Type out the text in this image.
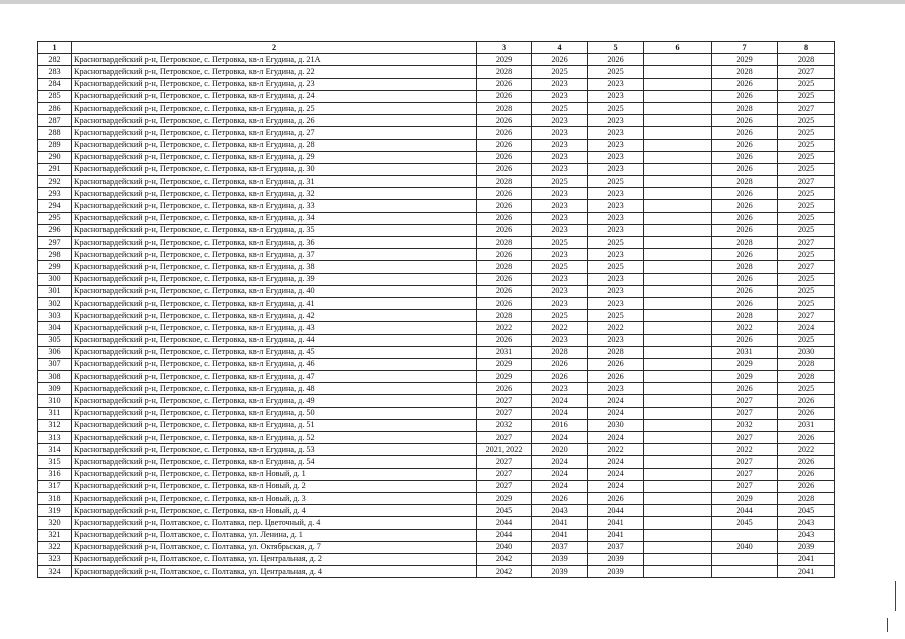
1	2	3	4	5	6	7	8
282	Красногвардейский р-н, Петровское, с. Петровка, кв-л Егудина, д. 21А	2029	2026	2026		2029	2028
283	Красногвардейский р-н, Петровское, с. Петровка, кв-л Егудина, д. 22	2028	2025	2025		2028	2027
284	Красногвардейский р-н, Петровское, с. Петровка, кв-л Егудина, д. 23	2026	2023	2023		2026	2025
285	Красногвардейский р-н, Петровское, с. Петровка, кв-л Егудина, д. 24	2026	2023	2023		2026	2025
286	Красногвардейский р-н, Петровское, с. Петровка, кв-л Егудина, д. 25	2028	2025	2025		2028	2027
287	Красногвардейский р-н, Петровское, с. Петровка, кв-л Егудина, д. 26	2026	2023	2023		2026	2025
288	Красногвардейский р-н, Петровское, с. Петровка, кв-л Егудина, д. 27	2026	2023	2023		2026	2025
289	Красногвардейский р-н, Петровское, с. Петровка, кв-л Егудина, д. 28	2026	2023	2023		2026	2025
290	Красногвардейский р-н, Петровское, с. Петровка, кв-л Егудина, д. 29	2026	2023	2023		2026	2025
291	Красногвардейский р-н, Петровское, с. Петровка, кв-л Егудина, д. 30	2026	2023	2023		2026	2025
292	Красногвардейский р-н, Петровское, с. Петровка, кв-л Егудина, д. 31	2028	2025	2025		2028	2027
293	Красногвардейский р-н, Петровское, с. Петровка, кв-л Егудина, д. 32	2026	2023	2023		2026	2025
294	Красногвардейский р-н, Петровское, с. Петровка, кв-л Егудина, д. 33	2026	2023	2023		2026	2025
295	Красногвардейский р-н, Петровское, с. Петровка, кв-л Егудина, д. 34	2026	2023	2023		2026	2025
296	Красногвардейский р-н, Петровское, с. Петровка, кв-л Егудина, д. 35	2026	2023	2023		2026	2025
297	Красногвардейский р-н, Петровское, с. Петровка, кв-л Егудина, д. 36	2028	2025	2025		2028	2027
298	Красногвардейский р-н, Петровское, с. Петровка, кв-л Егудина, д. 37	2026	2023	2023		2026	2025
299	Красногвардейский р-н, Петровское, с. Петровка, кв-л Егудина, д. 38	2028	2025	2025		2028	2027
300	Красногвардейский р-н, Петровское, с. Петровка, кв-л Егудина, д. 39	2026	2023	2023		2026	2025
301	Красногвардейский р-н, Петровское, с. Петровка, кв-л Егудина, д. 40	2026	2023	2023		2026	2025
302	Красногвардейский р-н, Петровское, с. Петровка, кв-л Егудина, д. 41	2026	2023	2023		2026	2025
303	Красногвардейский р-н, Петровское, с. Петровка, кв-л Егудина, д. 42	2028	2025	2025		2028	2027
304	Красногвардейский р-н, Петровское, с. Петровка, кв-л Егудина, д. 43	2022	2022	2022		2022	2024
305	Красногвардейский р-н, Петровское, с. Петровка, кв-л Егудина, д. 44	2026	2023	2023		2026	2025
306	Красногвардейский р-н, Петровское, с. Петровка, кв-л Егудина, д. 45	2031	2028	2028		2031	2030
307	Красногвардейский р-н, Петровское, с. Петровка, кв-л Егудина, д. 46	2029	2026	2026		2029	2028
308	Красногвардейский р-н, Петровское, с. Петровка, кв-л Егудина, д. 47	2029	2026	2026		2029	2028
309	Красногвардейский р-н, Петровское, с. Петровка, кв-л Егудина, д. 48	2026	2023	2023		2026	2025
310	Красногвардейский р-н, Петровское, с. Петровка, кв-л Егудина, д. 49	2027	2024	2024		2027	2026
311	Красногвардейский р-н, Петровское, с. Петровка, кв-л Егудина, д. 50	2027	2024	2024		2027	2026
312	Красногвардейский р-н, Петровское, с. Петровка, кв-л Егудина, д. 51	2032	2016	2030		2032	2031
313	Красногвардейский р-н, Петровское, с. Петровка, кв-л Егудина, д. 52	2027	2024	2024		2027	2026
314	Красногвардейский р-н, Петровское, с. Петровка, кв-л Егудина, д. 53	2021, 2022	2020	2022		2022	2022
315	Красногвардейский р-н, Петровское, с. Петровка, кв-л Егудина, д. 54	2027	2024	2024		2027	2026
316	Красногвардейский р-н, Петровское, с. Петровка, кв-л Новый, д. 1	2027	2024	2024		2027	2026
317	Красногвардейский р-н, Петровское, с. Петровка, кв-л Новый, д. 2	2027	2024	2024		2027	2026
318	Красногвардейский р-н, Петровское, с. Петровка, кв-л Новый, д. 3	2029	2026	2026		2029	2028
319	Красногвардейский р-н, Петровское, с. Петровка, кв-л Новый, д. 4	2045	2043	2044		2044	2045
320	Красногвардейский р-н, Полтавское, с. Полтавка, пер. Цветочный, д. 4	2044	2041	2041		2045	2043
321	Красногвардейский р-н, Полтавское, с. Полтавка, ул. Ленина, д. 1	2044	2041	2041			2043
322	Красногвардейский р-н, Полтавское, с. Полтавка, ул. Октябрьская, д. 7	2040	2037	2037		2040	2039
323	Красногвардейский р-н, Полтавское, с. Полтавка, ул. Центральная, д. 2	2042	2039	2039			2041
324	Красногвардейский р-н, Полтавское, с. Полтавка, ул. Центральная, д. 4	2042	2039	2039			2041
